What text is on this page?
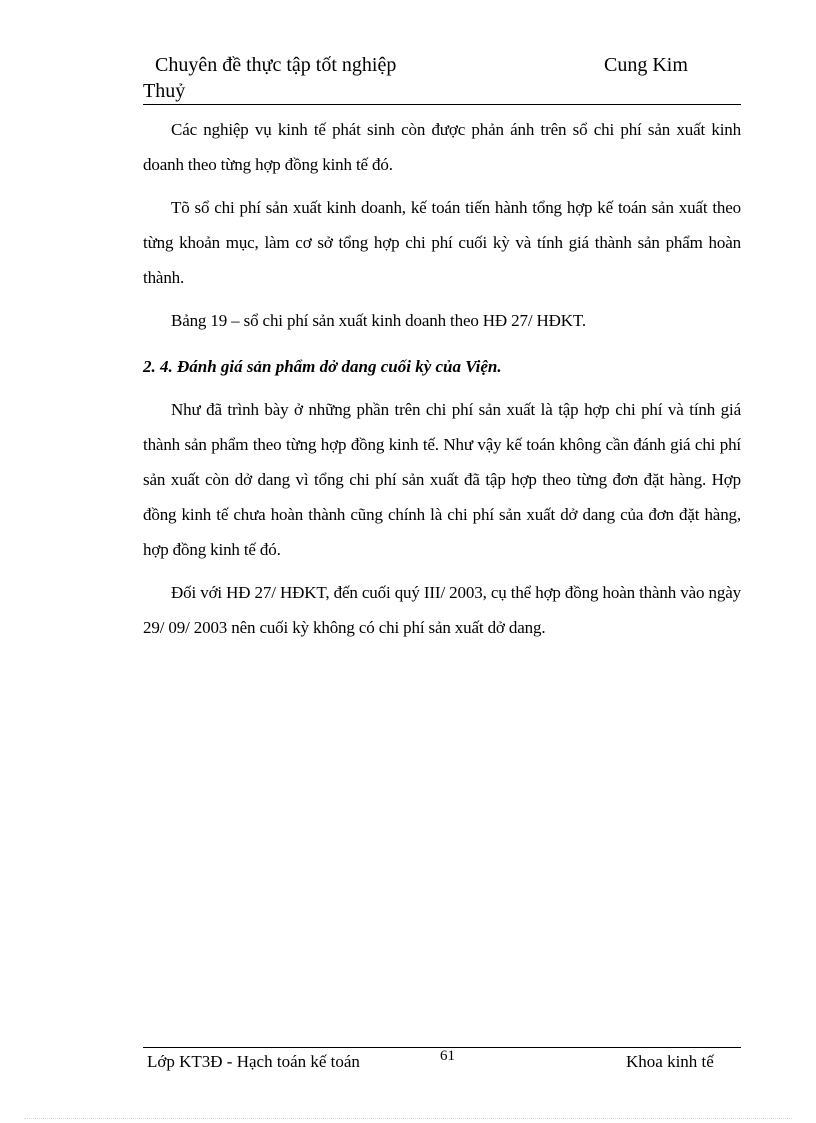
Chuyên đề thực tập tốt nghiệp	Cung Kim
Thuỷ

Các nghiệp vụ kinh tế phát sinh còn được phản ánh trên sổ chi phí sản xuất kinh doanh theo từng hợp đồng kinh tế đó.

Tõ sổ chi phí sản xuất kinh doanh, kế toán tiến hành tổng hợp kế toán sản xuất theo từng khoản mục, làm cơ sở tổng hợp chi phí cuối kỳ và tính giá thành sản phẩm hoàn thành.

Bảng 19 – sổ chi phí sản xuất kinh doanh theo HĐ 27/ HĐKT.

2. 4. Đánh giá sản phẩm dở dang cuối kỳ của Viện.

Như đã trình bày ở những phần trên chi phí sản xuất là tập hợp chi phí và tính giá thành sản phẩm theo từng hợp đồng kinh tế. Như vậy kế toán không cần đánh giá chi phí sản xuất còn dở dang vì tổng chi phí sản xuất đã tập hợp theo từng đơn đặt hàng. Hợp đồng kinh tế chưa hoàn thành cũng chính là chi phí sản xuất dở dang của đơn đặt hàng, hợp đồng kinh tế đó.

Đối với HĐ 27/ HĐKT, đến cuối quý III/ 2003, cụ thể hợp đồng hoàn thành vào ngày 29/ 09/ 2003 nên cuối kỳ không có chi phí sản xuất dở dang.

Lớp KT3Đ - Hạch toán kế toán	61	Khoa kinh tế
